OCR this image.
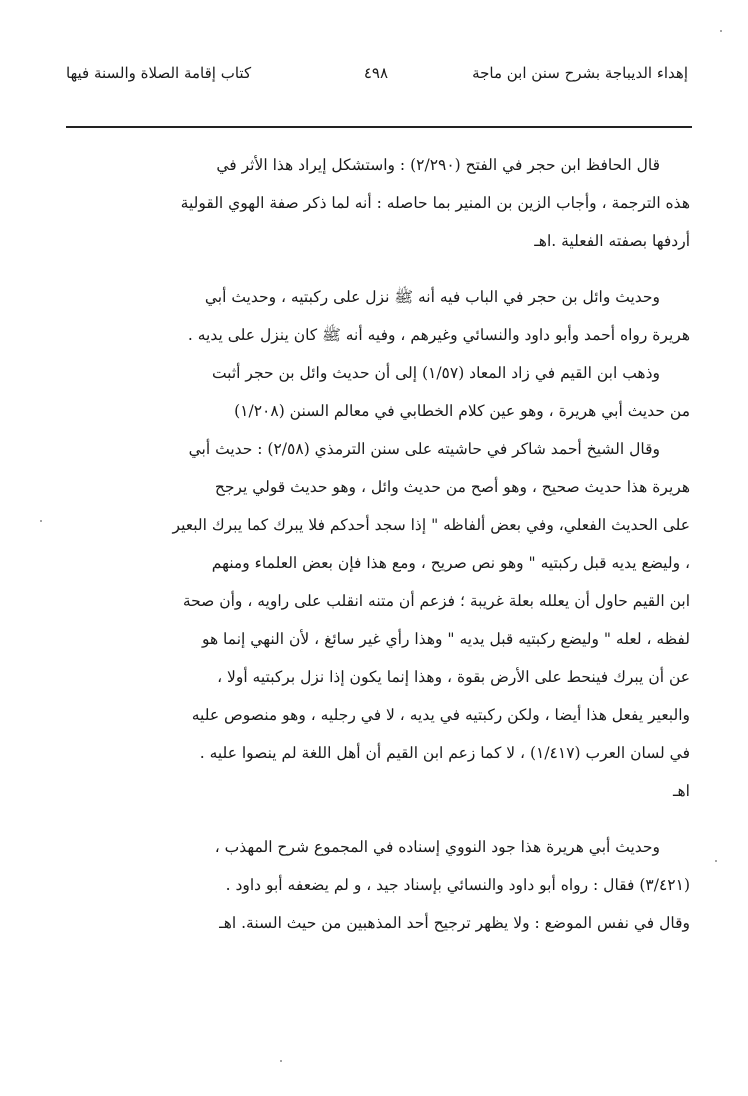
إهداء الديباجة بشرح سنن ابن ماجة
٤٩٨
كتاب إقامة الصلاة والسنة فيها
قال الحافظ ابن حجر في الفتح (٢/٢٩٠) : واستشكل إيراد هذا الأثر في
هذه الترجمة ، وأجاب الزين بن المنير بما حاصله : أنه لما ذكر صفة الهوي القولية
أردفها بصفته الفعلية .اهـ
وحديث وائل بن حجر في الباب فيه أنه ﷺ نزل على ركبتيه ، وحديث أبي
هريرة رواه أحمد وأبو داود والنسائي وغيرهم ، وفيه أنه ﷺ كان ينزل على يديه .
وذهب ابن القيم في زاد المعاد (١/٥٧) إلى أن حديث وائل بن حجر أثبت
من حديث أبي هريرة ، وهو عين كلام الخطابي في معالم السنن (١/٢٠٨)
وقال الشيخ أحمد شاكر في حاشيته على سنن الترمذي (٢/٥٨) : حديث أبي
هريرة هذا حديث صحيح ، وهو أصح من حديث وائل ، وهو حديث قولي يرجح
على الحديث الفعلي، وفي بعض ألفاظه " إذا سجد أحدكم فلا يبرك كما يبرك البعير
، وليضع يديه قبل ركبتيه " وهو نص صريح ، ومع هذا فإن بعض العلماء ومنهم
ابن القيم حاول أن يعلله بعلة غريبة ؛ فزعم أن متنه انقلب على راويه ، وأن صحة
لفظه ، لعله " وليضع ركبتيه قبل يديه " وهذا رأي غير سائغ ، لأن النهي إنما هو
عن أن يبرك فينحط على الأرض بقوة ، وهذا إنما يكون إذا نزل بركبتيه أولا ،
والبعير يفعل هذا أيضا ، ولكن ركبتيه في يديه ، لا في رجليه ، وهو منصوص عليه
في لسان العرب (١/٤١٧) ، لا كما زعم ابن القيم أن أهل اللغة لم ينصوا عليه .
اهـ
وحديث أبي هريرة هذا جود النووي إسناده في المجموع شرح المهذب ،
(٣/٤٢١) فقال : رواه أبو داود والنسائي بإسناد جيد ، و لم يضعفه أبو داود .
وقال في نفس الموضع : ولا يظهر ترجيح أحد المذهبين من حيث السنة. اهـ
